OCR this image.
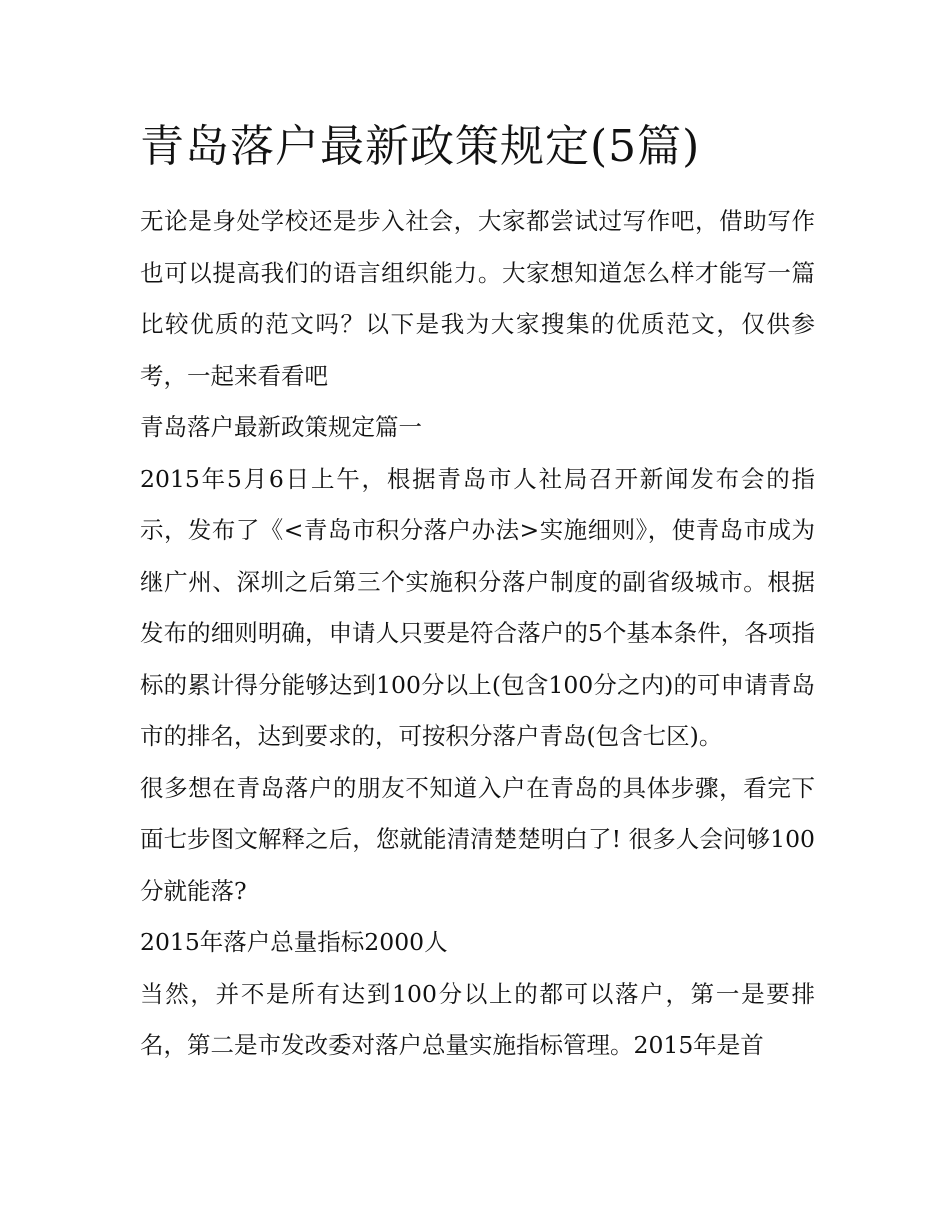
青岛落户最新政策规定(5篇)

无论是身处学校还是步入社会，大家都尝试过写作吧，借助写作也可以提高我们的语言组织能力。大家想知道怎么样才能写一篇比较优质的范文吗？以下是我为大家搜集的优质范文，仅供参考，一起来看看吧

青岛落户最新政策规定篇一

2015年5月6日上午，根据青岛市人社局召开新闻发布会的指示，发布了《<青岛市积分落户办法>实施细则》，使青岛市成为继广州、深圳之后第三个实施积分落户制度的副省级城市。根据发布的细则明确，申请人只要是符合落户的5个基本条件，各项指标的累计得分能够达到100分以上(包含100分之内)的可申请青岛市的排名，达到要求的，可按积分落户青岛(包含七区)。

很多想在青岛落户的朋友不知道入户在青岛的具体步骤，看完下面七步图文解释之后，您就能清清楚楚明白了! 很多人会问够100分就能落?

2015年落户总量指标2000人

当然，并不是所有达到100分以上的都可以落户，第一是要排名，第二是市发改委对落户总量实施指标管理。2015年是首
